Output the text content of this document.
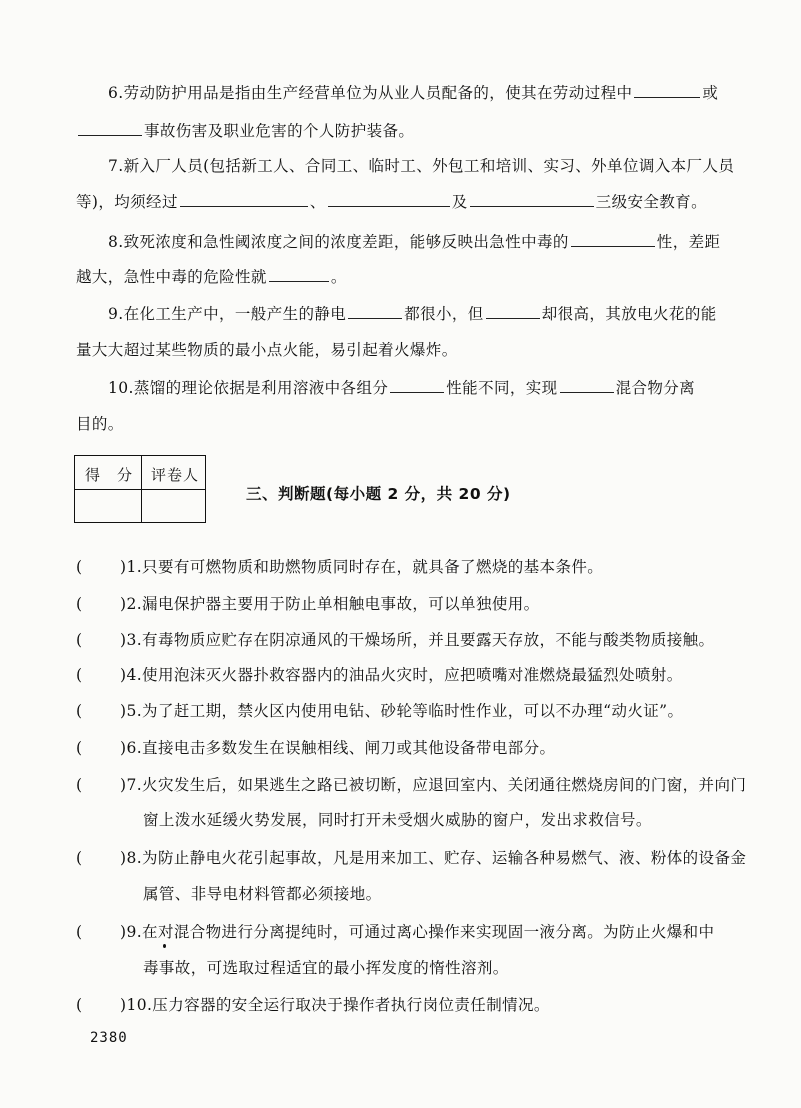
6.劳动防护用品是指由生产经营单位为从业人员配备的，使其在劳动过程中	或
事故伤害及职业危害的个人防护装备。
7.新入厂人员(包括新工人、合同工、临时工、外包工和培训、实习、外单位调入本厂人员
等)，均须经过	、	及	三级安全教育。
8.致死浓度和急性阈浓度之间的浓度差距，能够反映出急性中毒的	性，差距
越大，急性中毒的危险性就	。
9.在化工生产中，一般产生的静电	都很小，但	却很高，其放电火花的能
量大大超过某些物质的最小点火能，易引起着火爆炸。
10.蒸馏的理论依据是利用溶液中各组分	性能不同，实现	混合物分离
目的。
得　分 评卷人
三、判断题(每小题 2 分，共 20 分)
( )1.只要有可燃物质和助燃物质同时存在，就具备了燃烧的基本条件。
( )2.漏电保护器主要用于防止单相触电事故，可以单独使用。
( )3.有毒物质应贮存在阴凉通风的干燥场所，并且要露天存放，不能与酸类物质接触。
( )4.使用泡沫灭火器扑救容器内的油品火灾时，应把喷嘴对准燃烧最猛烈处喷射。
( )5.为了赶工期，禁火区内使用电钻、砂轮等临时性作业，可以不办理“动火证”。
( )6.直接电击多数发生在误触相线、闸刀或其他设备带电部分。
( )7.火灾发生后，如果逃生之路已被切断，应退回室内、关闭通往燃烧房间的门窗，并向门
窗上泼水延缓火势发展，同时打开未受烟火威胁的窗户，发出求救信号。
( )8.为防止静电火花引起事故，凡是用来加工、贮存、运输各种易燃气、液、粉体的设备金
属管、非导电材料管都必须接地。
( )9.在对混合物进行分离提纯时，可通过离心操作来实现固一液分离。为防止火爆和中
毒事故，可选取过程适宜的最小挥发度的惰性溶剂。
( )10.压力容器的安全运行取决于操作者执行岗位责任制情况。
2380
